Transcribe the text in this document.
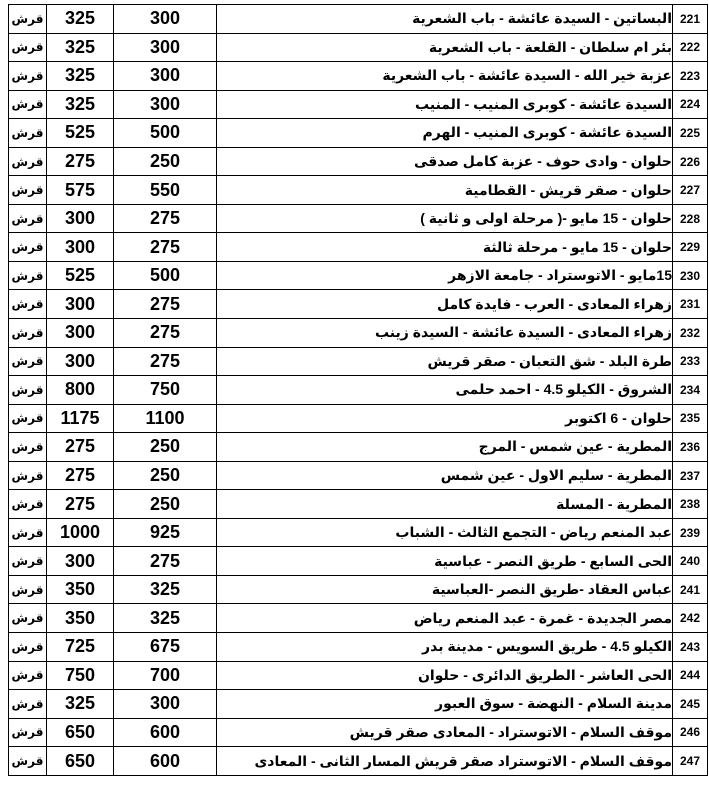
قرش	325	300	البساتين - السيدة عائشة - باب الشعرية	221
قرش	325	300	بئر ام سلطان - القلعة - باب الشعرية	222
قرش	325	300	عزبة خير الله - السيدة عائشة - باب الشعرية	223
قرش	325	300	السيدة عائشة - كوبرى المنيب - المنيب	224
قرش	525	500	السيدة عائشة - كوبرى المنيب - الهرم	225
قرش	275	250	حلوان - وادى حوف - عزبة كامل صدقى	226
قرش	575	550	حلوان - صقر قريش - القطامية	227
قرش	300	275	حلوان - 15 مايو -( مرحلة اولى و ثانية )	228
قرش	300	275	حلوان - 15 مايو - مرحلة ثالثة	229
قرش	525	500	15مايو - الاتوستراد - جامعة الازهر	230
قرش	300	275	زهراء المعادى - العرب - فايدة كامل	231
قرش	300	275	زهراء المعادى - السيدة عائشة - السيدة زينب	232
قرش	300	275	طرة البلد - شق التعبان - صقر قريش	233
قرش	800	750	الشروق - الكيلو 4.5 - احمد حلمى	234
قرش	1175	1100	حلوان - 6 اكتوبر	235
قرش	275	250	المطرية - عين شمس - المرج	236
قرش	275	250	المطرية - سليم الاول - عين شمس	237
قرش	275	250	المطرية - المسلة	238
قرش	1000	925	عبد المنعم رياض - التجمع الثالث - الشباب	239
قرش	300	275	الحى السابع - طريق النصر - عباسية	240
قرش	350	325	عباس العقاد -طريق النصر -العباسية	241
قرش	350	325	مصر الجديدة - غمرة - عبد المنعم رياض	242
قرش	725	675	الكيلو 4.5 - طريق السويس - مدينة بدر	243
قرش	750	700	الحى العاشر - الطريق الدائرى - حلوان	244
قرش	325	300	مدينة السلام - النهضة - سوق العبور	245
قرش	650	600	موقف السلام - الاتوستراد - المعادى صقر قريش	246
قرش	650	600	موقف السلام - الاتوستراد صقر قريش المسار الثانى - المعادى	247
